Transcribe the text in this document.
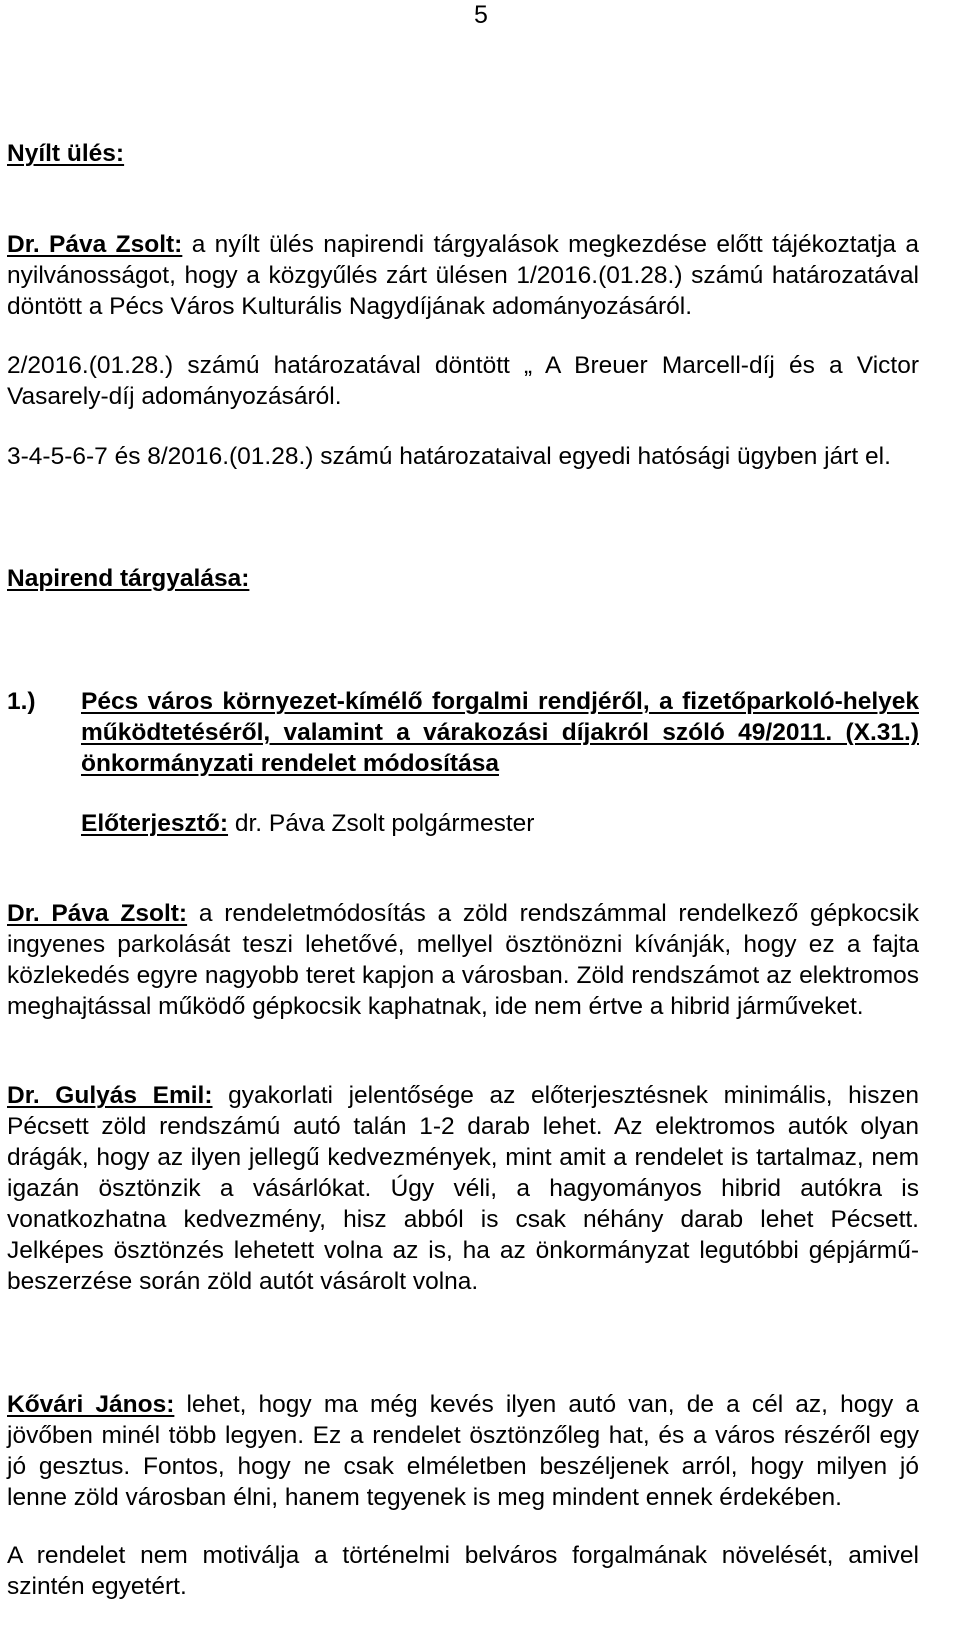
5
Nyílt ülés:
Dr. Páva Zsolt: a nyílt ülés napirendi tárgyalások megkezdése előtt tájékoztatja a nyilvánosságot, hogy a közgyűlés zárt ülésen 1/2016.(01.28.) számú határozatával döntött a Pécs Város Kulturális Nagydíjának adományozásáról.
2/2016.(01.28.) számú határozatával döntött „ A Breuer Marcell-díj és a Victor Vasarely-díj adományozásáról.
3-4-5-6-7 és 8/2016.(01.28.) számú határozataival egyedi hatósági ügyben járt el.
Napirend tárgyalása:
1.) Pécs város környezet-kímélő forgalmi rendjéről, a fizetőparkoló-helyek működtetéséről, valamint a várakozási díjakról szóló 49/2011. (X.31.) önkormányzati rendelet módosítása
Előterjesztő: dr. Páva Zsolt polgármester
Dr. Páva Zsolt: a rendeletmódosítás a zöld rendszámmal rendelkező gépkocsik ingyenes parkolását teszi lehetővé, mellyel ösztönözni kívánják, hogy ez a fajta közlekedés egyre nagyobb teret kapjon a városban. Zöld rendszámot az elektromos meghajtással működő gépkocsik kaphatnak, ide nem értve a hibrid járműveket.
Dr. Gulyás Emil: gyakorlati jelentősége az előterjesztésnek minimális, hiszen Pécsett zöld rendszámú autó talán 1-2 darab lehet. Az elektromos autók olyan drágák, hogy az ilyen jellegű kedvezmények, mint amit a rendelet is tartalmaz, nem igazán ösztönzik a vásárlókat. Úgy véli, a hagyományos hibrid autókra is vonatkozhatna kedvezmény, hisz abból is csak néhány darab lehet Pécsett. Jelképes ösztönzés lehetett volna az is, ha az önkormányzat legutóbbi gépjármű-beszerzése során zöld autót vásárolt volna.
Kővári János: lehet, hogy ma még kevés ilyen autó van, de a cél az, hogy a jövőben minél több legyen. Ez a rendelet ösztönzőleg hat, és a város részéről egy jó gesztus. Fontos, hogy ne csak elméletben beszéljenek arról, hogy milyen jó lenne zöld városban élni, hanem tegyenek is meg mindent ennek érdekében.
A rendelet nem motiválja a történelmi belváros forgalmának növelését, amivel szintén egyetért.
